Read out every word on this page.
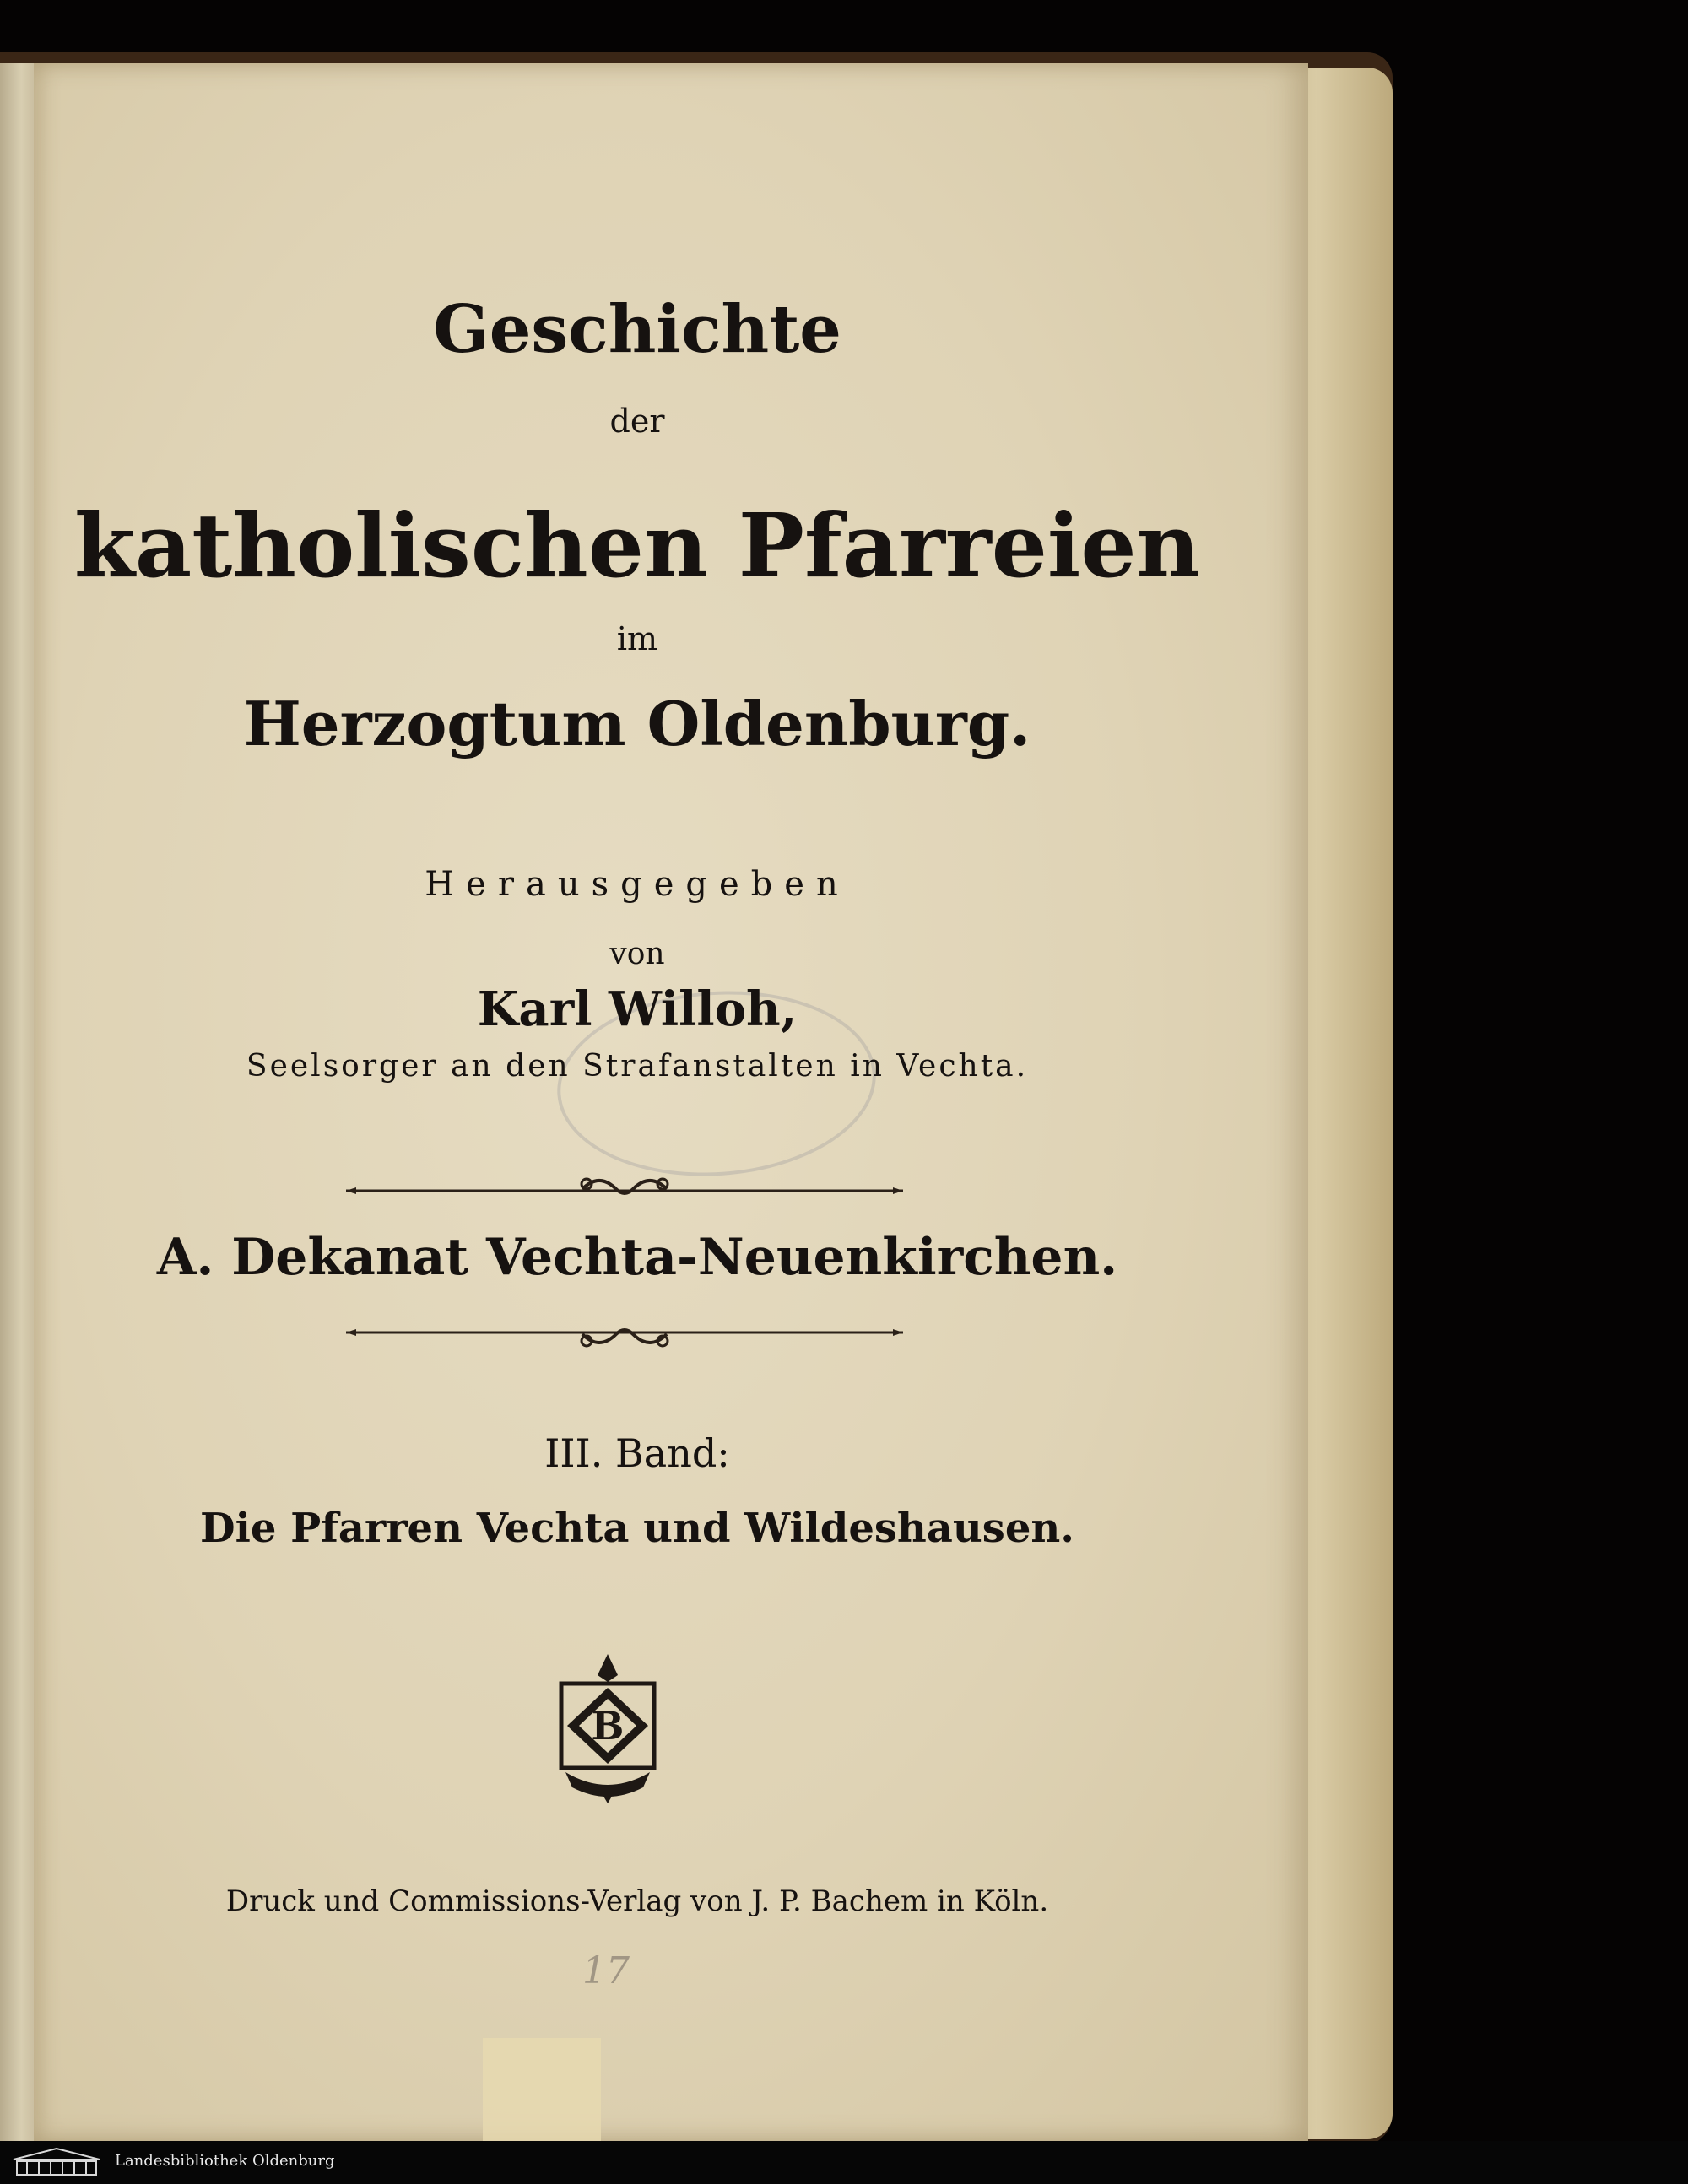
Geschichte
der
katholischen Pfarreien
im
Herzogtum Oldenburg.
Herausgegeben
von
Karl Willoh,
Seelsorger an den Strafanstalten in Vechta.
A. Dekanat Vechta-Neuenkirchen.
III. Band:
Die Pfarren Vechta und Wildeshausen.
B
Druck und Commissions-Verlag von J. P. Bachem in Köln.
17
Landesbibliothek Oldenburg
